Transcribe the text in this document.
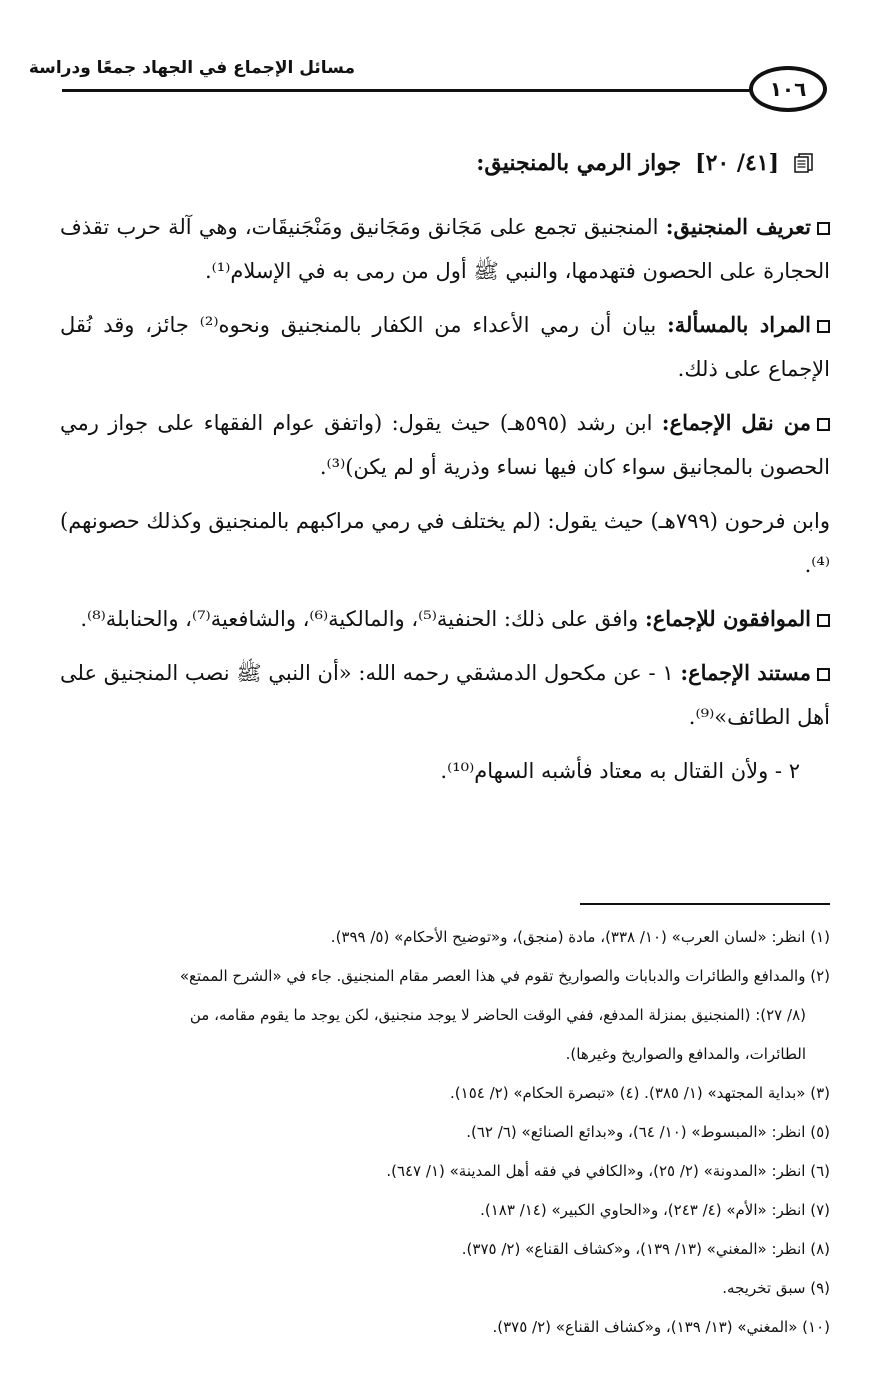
مسائل الإجماع في الجهاد جمعًا ودراسة
١٠٦
[٤١/ ٢٠]
جواز الرمي بالمنجنيق:

تعريف المنجنيق: المنجنيق تجمع على مَجَانق ومَجَانيق ومَنْجَنيقَات، وهي آلة حرب تقذف الحجارة على الحصون فتهدمها، والنبي ﷺ أول من رمى به في الإسلام⁽¹⁾.

المراد بالمسألة: بيان أن رمي الأعداء من الكفار بالمنجنيق ونحوه⁽²⁾ جائز، وقد نُقل الإجماع على ذلك.

من نقل الإجماع: ابن رشد (٥٩٥هـ) حيث يقول: (واتفق عوام الفقهاء على جواز رمي الحصون بالمجانيق سواء كان فيها نساء وذرية أو لم يكن)⁽³⁾.

وابن فرحون (٧٩٩هـ) حيث يقول: (لم يختلف في رمي مراكبهم بالمنجنيق وكذلك حصونهم)⁽⁴⁾.

الموافقون للإجماع: وافق على ذلك: الحنفية⁽⁵⁾، والمالكية⁽⁶⁾، والشافعية⁽⁷⁾، والحنابلة⁽⁸⁾.

مستند الإجماع: ١ - عن مكحول الدمشقي رحمه الله: «أن النبي ﷺ نصب المنجنيق على أهل الطائف»⁽⁹⁾.

٢ - ولأن القتال به معتاد فأشبه السهام⁽¹⁰⁾.

(١) انظر: «لسان العرب» (١٠/ ٣٣٨)، مادة (منجق)، و«توضيح الأحكام» (٥/ ٣٩٩).

(٢) والمدافع والطائرات والدبابات والصواريخ تقوم في هذا العصر مقام المنجنيق. جاء في «الشرح الممتع»

(٨/ ٢٧): (المنجنيق بمنزلة المدفع، ففي الوقت الحاضر لا يوجد منجنيق، لكن يوجد ما يقوم مقامه، من

الطائرات، والمدافع والصواريخ وغيرها).

(٣) «بداية المجتهد» (١/ ٣٨٥). (٤) «تبصرة الحكام» (٢/ ١٥٤).

(٥) انظر: «المبسوط» (١٠/ ٦٤)، و«بدائع الصنائع» (٦/ ٦٢).

(٦) انظر: «المدونة» (٢/ ٢٥)، و«الكافي في فقه أهل المدينة» (١/ ٦٤٧).

(٧) انظر: «الأم» (٤/ ٢٤٣)، و«الحاوي الكبير» (١٤/ ١٨٣).

(٨) انظر: «المغني» (١٣/ ١٣٩)، و«كشاف القناع» (٢/ ٣٧٥).

(٩) سبق تخريجه.

(١٠) «المغني» (١٣/ ١٣٩)، و«كشاف القناع» (٢/ ٣٧٥).
